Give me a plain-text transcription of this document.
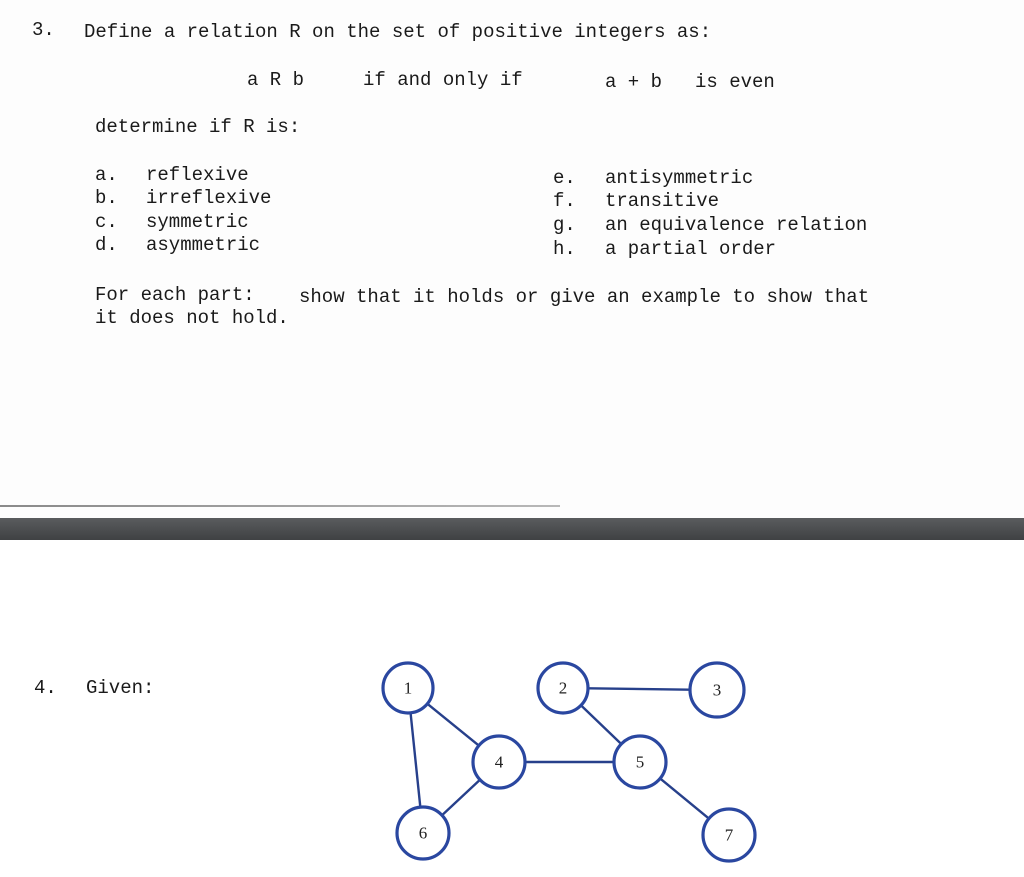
3. Define a relation R on the set of positive integers as:
a R b	if and only if	a + b is even
determine if R is:
a. reflexive
b. irreflexive
c. symmetric
d. asymmetric
e. antisymmetric
f. transitive
g. an equivalence relation
h. a partial order
For each part: show that it holds or give an example to show that
it does not hold.
4. Given:	1	2	3
4	5
6	7
